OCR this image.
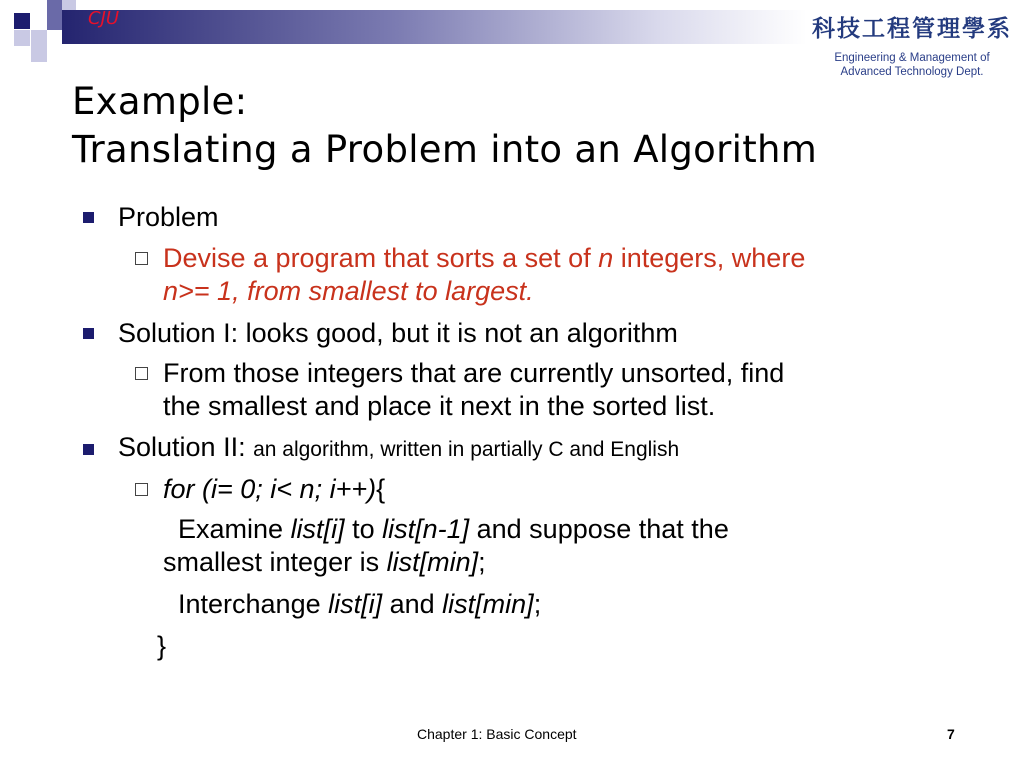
CJU	科技工程管理學系
Engineering & Management of
Advanced Technology Dept.
Example:
Translating a Problem into an Algorithm
Problem
Devise a program that sorts a set of n integers, where
n>= 1, from smallest to largest.
Solution I: looks good, but it is not an algorithm
From those integers that are currently unsorted, find
the smallest and place it next in the sorted list.
Solution II: an algorithm, written in partially C and English
for (i= 0; i< n; i++){
Examine list[i] to list[n-1] and suppose that the
smallest integer is list[min];
Interchange list[i] and list[min];
}
Chapter 1: Basic Concept	7
